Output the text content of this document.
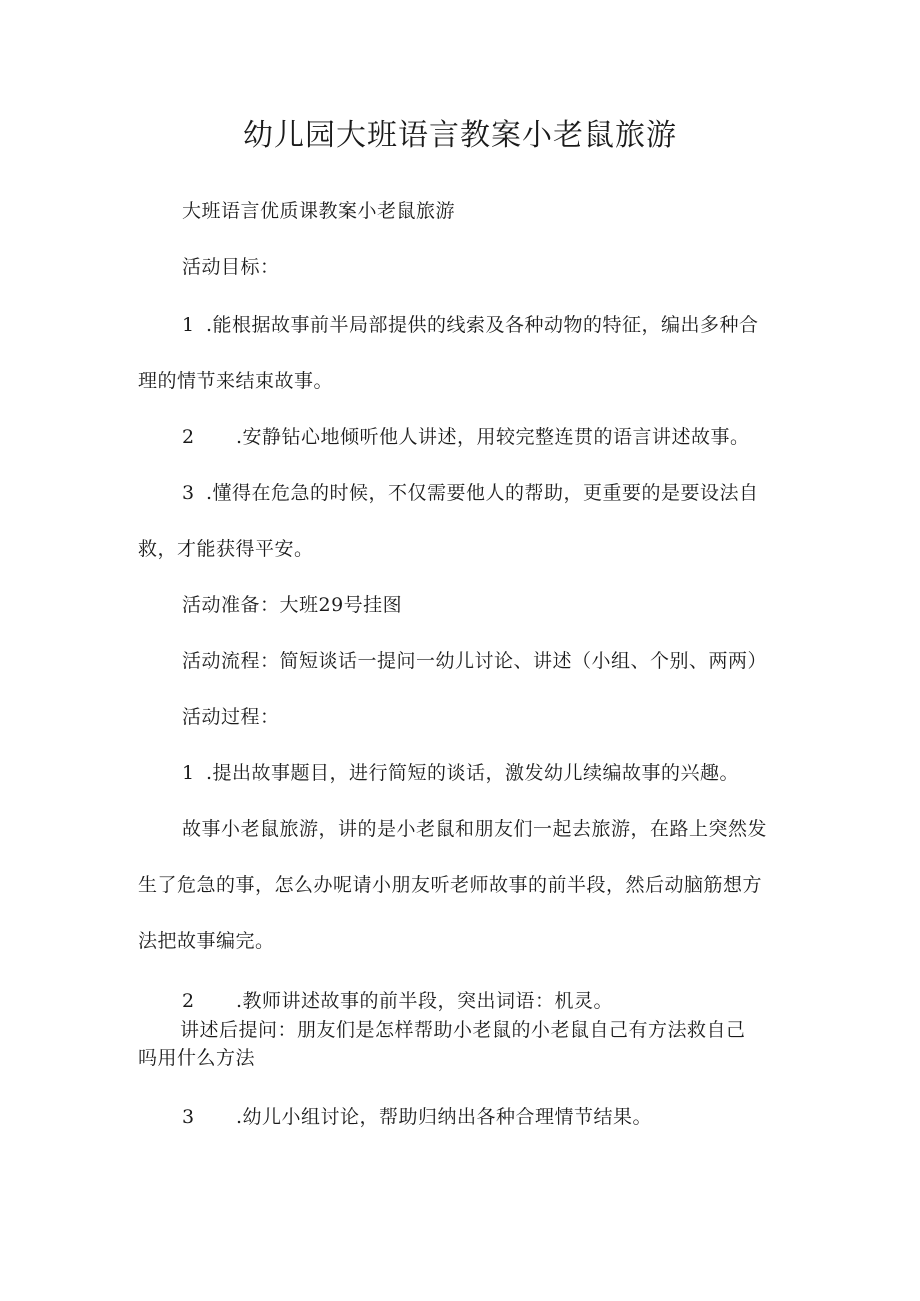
幼儿园大班语言教案小老鼠旅游
大班语言优质课教案小老鼠旅游
活动目标：
1 .能根据故事前半局部提供的线索及各种动物的特征，编出多种合
理的情节来结束故事。
2 .安静钻心地倾听他人讲述，用较完整连贯的语言讲述故事。
3 .懂得在危急的时候，不仅需要他人的帮助，更重要的是要设法自
救，才能获得平安。
活动准备：大班29号挂图
活动流程：简短谈话一提问一幼儿讨论、讲述（小组、个别、两两）
活动过程：
1 .提出故事题目，进行简短的谈话，激发幼儿续编故事的兴趣。
故事小老鼠旅游，讲的是小老鼠和朋友们一起去旅游，在路上突然发
生了危急的事，怎么办呢请小朋友听老师故事的前半段，然后动脑筋想方
法把故事编完。
2 .教师讲述故事的前半段，突出词语：机灵。
讲述后提问：朋友们是怎样帮助小老鼠的小老鼠自己有方法救自己
吗用什么方法
3 .幼儿小组讨论，帮助归纳出各种合理情节结果。
